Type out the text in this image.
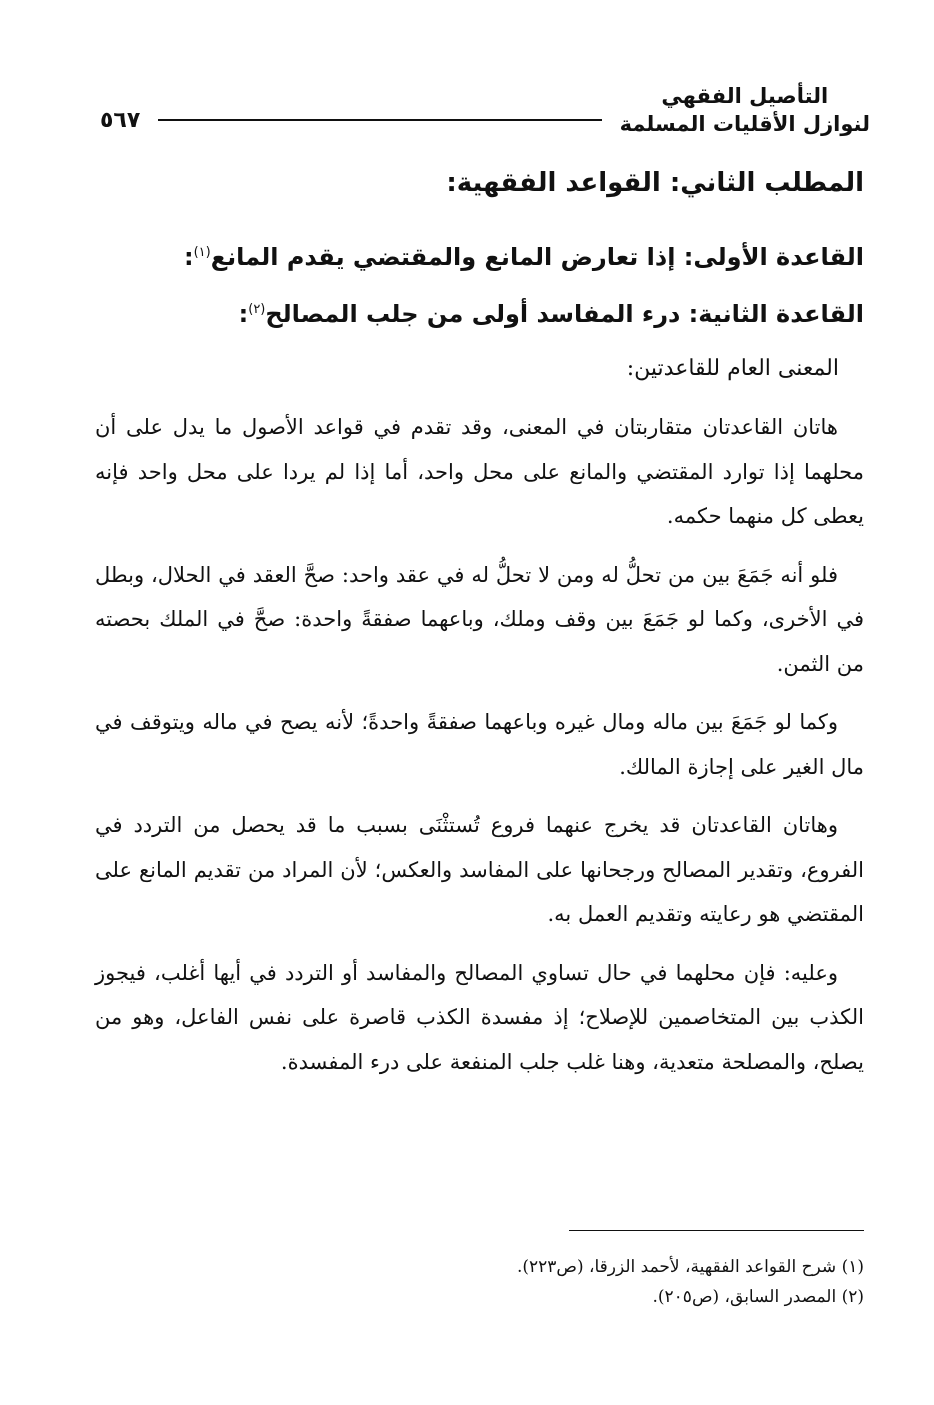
التأصيل الفقهي
لنوازل الأقليات المسلمة
٥٦٧
المطلب الثاني: القواعد الفقهية:
القاعدة الأولى: إذا تعارض المانع والمقتضي يقدم المانع$^{(١)}$:
القاعدة الثانية: درء المفاسد أولى من جلب المصالح$^{(٢)}$:
المعنى العام للقاعدتين:

هاتان القاعدتان متقاربتان في المعنى، وقد تقدم في قواعد الأصول ما يدل على أن محلهما إذا توارد المقتضي والمانع على محل واحد، أما إذا لم يردا على محل واحد فإنه يعطى كل منهما حكمه.

فلو أنه جَمَعَ بين من تحلُّ له ومن لا تحلُّ له في عقد واحد: صحَّ العقد في الحلال، وبطل في الأخرى، وكما لو جَمَعَ بين وقف وملك، وباعهما صفقةً واحدة: صحَّ في الملك بحصته من الثمن.

وكما لو جَمَعَ بين ماله ومال غيره وباعهما صفقةً واحدةً؛ لأنه يصح في ماله ويتوقف في مال الغير على إجازة المالك.

وهاتان القاعدتان قد يخرج عنهما فروع تُستثْنَى بسبب ما قد يحصل من التردد في الفروع، وتقدير المصالح ورجحانها على المفاسد والعكس؛ لأن المراد من تقديم المانع على المقتضي هو رعايته وتقديم العمل به.

وعليه: فإن محلهما في حال تساوي المصالح والمفاسد أو التردد في أيها أغلب، فيجوز الكذب بين المتخاصمين للإصلاح؛ إذ مفسدة الكذب قاصرة على نفس الفاعل، وهو من يصلح، والمصلحة متعدية، وهنا غلب جلب المنفعة على درء المفسدة.

(١) شرح القواعد الفقهية، لأحمد الزرقا، (ص٢٢٣).
(٢) المصدر السابق، (ص٢٠٥).
